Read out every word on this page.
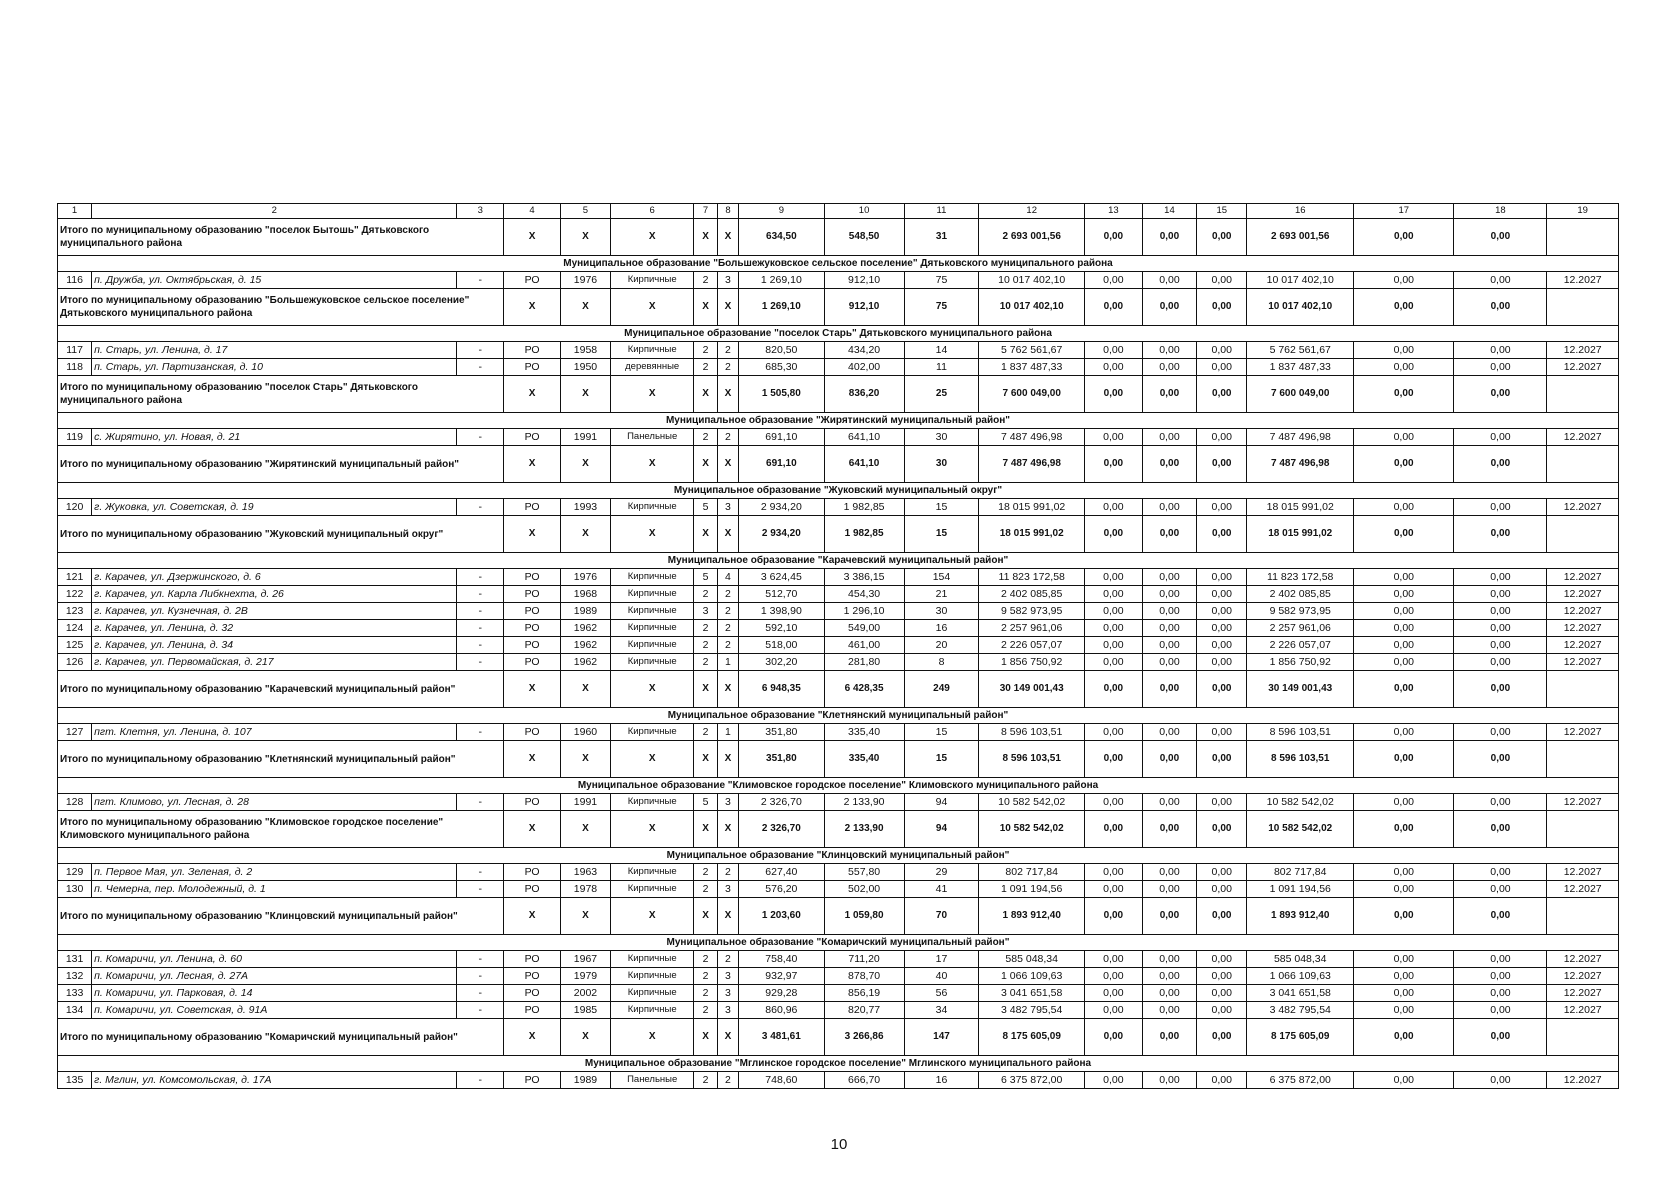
1	2	3	4	5	6	7	8	9	10	11	12	13	14	15	16	17	18	19
Итого по муниципальному образованию "поселок Бытошь" Дятьковского муниципального района			X	X	X	X	X	634,50	548,50	31	2 693 001,56	0,00	0,00	0,00	2 693 001,56	0,00	0,00	
Муниципальное образование "Большежуковское сельское поселение" Дятьковского муниципального района																		
116	п. Дружба, ул. Октябрьская, д. 15	-	РО	1976	Кирпичные	2	3	1 269,10	912,10	75	10 017 402,10	0,00	0,00	0,00	10 017 402,10	0,00	0,00	12.2027
Итого по муниципальному образованию "Большежуковское сельское поселение" Дятьковского муниципального района			X	X	X	X	X	1 269,10	912,10	75	10 017 402,10	0,00	0,00	0,00	10 017 402,10	0,00	0,00	
Муниципальное образование "поселок Старь" Дятьковского муниципального района																		
117	п. Старь, ул. Ленина, д. 17	-	РО	1958	Кирпичные	2	2	820,50	434,20	14	5 762 561,67	0,00	0,00	0,00	5 762 561,67	0,00	0,00	12.2027
118	п. Старь, ул. Партизанская, д. 10	-	РО	1950	деревянные	2	2	685,30	402,00	11	1 837 487,33	0,00	0,00	0,00	1 837 487,33	0,00	0,00	12.2027
Итого по муниципальному образованию "поселок Старь" Дятьковского муниципального района			X	X	X	X	X	1 505,80	836,20	25	7 600 049,00	0,00	0,00	0,00	7 600 049,00	0,00	0,00	
Муниципальное образование "Жирятинский муниципальный район"																		
119	с. Жирятино, ул. Новая, д. 21	-	РО	1991	Панельные	2	2	691,10	641,10	30	7 487 496,98	0,00	0,00	0,00	7 487 496,98	0,00	0,00	12.2027
Итого по муниципальному образованию "Жирятинский муниципальный район"			X	X	X	X	X	691,10	641,10	30	7 487 496,98	0,00	0,00	0,00	7 487 496,98	0,00	0,00	
Муниципальное образование "Жуковский муниципальный округ"																		
120	г. Жуковка, ул. Советская, д. 19	-	РО	1993	Кирпичные	5	3	2 934,20	1 982,85	15	18 015 991,02	0,00	0,00	0,00	18 015 991,02	0,00	0,00	12.2027
Итого по муниципальному образованию "Жуковский муниципальный округ"			X	X	X	X	X	2 934,20	1 982,85	15	18 015 991,02	0,00	0,00	0,00	18 015 991,02	0,00	0,00	
Муниципальное образование "Карачевский муниципальный район"																		
121	г. Карачев, ул. Дзержинского, д. 6	-	РО	1976	Кирпичные	5	4	3 624,45	3 386,15	154	11 823 172,58	0,00	0,00	0,00	11 823 172,58	0,00	0,00	12.2027
122	г. Карачев, ул. Карла Либкнехта, д. 26	-	РО	1968	Кирпичные	2	2	512,70	454,30	21	2 402 085,85	0,00	0,00	0,00	2 402 085,85	0,00	0,00	12.2027
123	г. Карачев, ул. Кузнечная, д. 2В	-	РО	1989	Кирпичные	3	2	1 398,90	1 296,10	30	9 582 973,95	0,00	0,00	0,00	9 582 973,95	0,00	0,00	12.2027
124	г. Карачев, ул. Ленина, д. 32	-	РО	1962	Кирпичные	2	2	592,10	549,00	16	2 257 961,06	0,00	0,00	0,00	2 257 961,06	0,00	0,00	12.2027
125	г. Карачев, ул. Ленина, д. 34	-	РО	1962	Кирпичные	2	2	518,00	461,00	20	2 226 057,07	0,00	0,00	0,00	2 226 057,07	0,00	0,00	12.2027
126	г. Карачев, ул. Первомайская, д. 217	-	РО	1962	Кирпичные	2	1	302,20	281,80	8	1 856 750,92	0,00	0,00	0,00	1 856 750,92	0,00	0,00	12.2027
Итого по муниципальному образованию "Карачевский муниципальный район"			X	X	X	X	X	6 948,35	6 428,35	249	30 149 001,43	0,00	0,00	0,00	30 149 001,43	0,00	0,00	
Муниципальное образование "Клетнянский муниципальный район"																		
127	пгт. Клетня, ул. Ленина, д. 107	-	РО	1960	Кирпичные	2	1	351,80	335,40	15	8 596 103,51	0,00	0,00	0,00	8 596 103,51	0,00	0,00	12.2027
Итого по муниципальному образованию "Клетнянский муниципальный район"			X	X	X	X	X	351,80	335,40	15	8 596 103,51	0,00	0,00	0,00	8 596 103,51	0,00	0,00	
Муниципальное образование "Климовское городское поселение" Климовского муниципального района																		
128	пгт. Климово, ул. Лесная, д. 28	-	РО	1991	Кирпичные	5	3	2 326,70	2 133,90	94	10 582 542,02	0,00	0,00	0,00	10 582 542,02	0,00	0,00	12.2027
Итого по муниципальному образованию "Климовское городское поселение" Климовского муниципального района			X	X	X	X	X	2 326,70	2 133,90	94	10 582 542,02	0,00	0,00	0,00	10 582 542,02	0,00	0,00	
Муниципальное образование "Клинцовский муниципальный район"																		
129	п. Первое Мая, ул. Зеленая, д. 2	-	РО	1963	Кирпичные	2	2	627,40	557,80	29	802 717,84	0,00	0,00	0,00	802 717,84	0,00	0,00	12.2027
130	п. Чемерна, пер. Молодежный, д. 1	-	РО	1978	Кирпичные	2	3	576,20	502,00	41	1 091 194,56	0,00	0,00	0,00	1 091 194,56	0,00	0,00	12.2027
Итого по муниципальному образованию "Клинцовский муниципальный район"			X	X	X	X	X	1 203,60	1 059,80	70	1 893 912,40	0,00	0,00	0,00	1 893 912,40	0,00	0,00	
Муниципальное образование "Комаричский муниципальный район"																		
131	п. Комаричи, ул. Ленина, д. 60	-	РО	1967	Кирпичные	2	2	758,40	711,20	17	585 048,34	0,00	0,00	0,00	585 048,34	0,00	0,00	12.2027
132	п. Комаричи, ул. Лесная, д. 27А	-	РО	1979	Кирпичные	2	3	932,97	878,70	40	1 066 109,63	0,00	0,00	0,00	1 066 109,63	0,00	0,00	12.2027
133	п. Комаричи, ул. Парковая, д. 14	-	РО	2002	Кирпичные	2	3	929,28	856,19	56	3 041 651,58	0,00	0,00	0,00	3 041 651,58	0,00	0,00	12.2027
134	п. Комаричи, ул. Советская, д. 91А	-	РО	1985	Кирпичные	2	3	860,96	820,77	34	3 482 795,54	0,00	0,00	0,00	3 482 795,54	0,00	0,00	12.2027
Итого по муниципальному образованию "Комаричский муниципальный район"			X	X	X	X	X	3 481,61	3 266,86	147	8 175 605,09	0,00	0,00	0,00	8 175 605,09	0,00	0,00	
Муниципальное образование "Мглинское городское поселение" Мглинского муниципального района																		
135	г. Мглин, ул. Комсомольская, д. 17А	-	РО	1989	Панельные	2	2	748,60	666,70	16	6 375 872,00	0,00	0,00	0,00	6 375 872,00	0,00	0,00	12.2027
10
